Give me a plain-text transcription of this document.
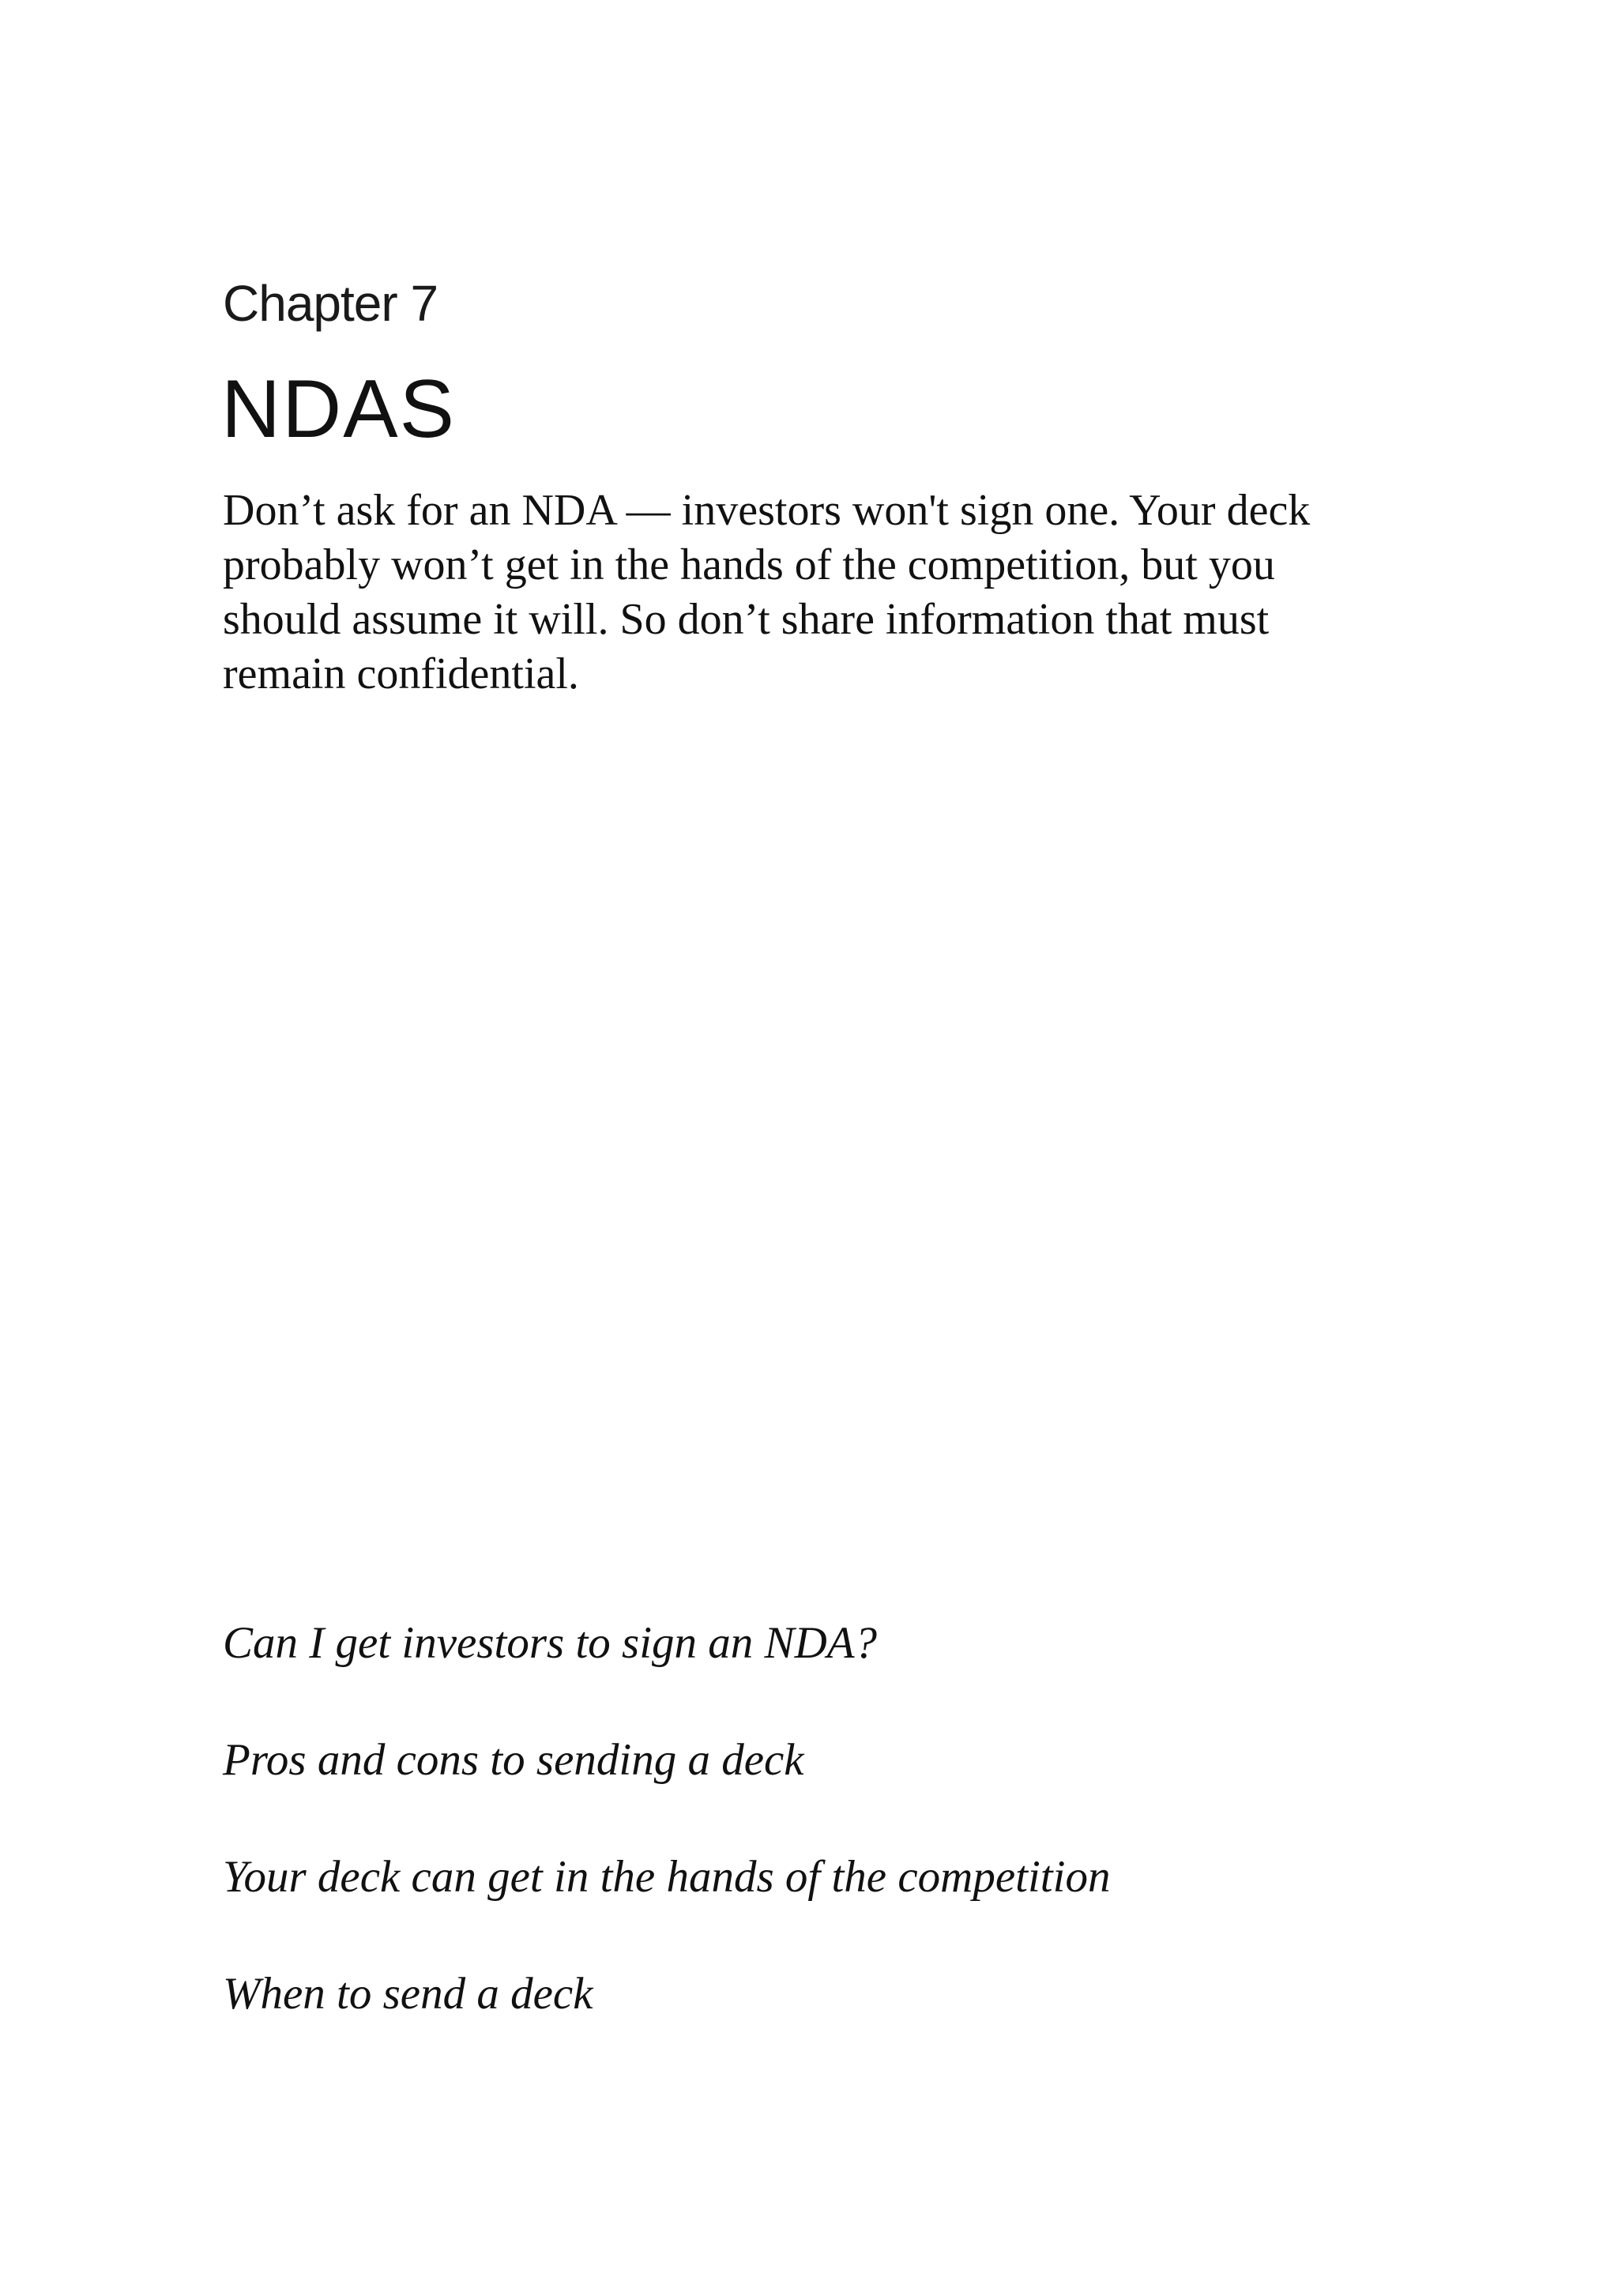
Chapter 7
NDAS
Don’t ask for an NDA — investors won't sign one. Your deck
probably won’t get in the hands of the competition, but you
should assume it will. So don’t share information that must
remain confidential.
Can I get investors to sign an NDA?
Pros and cons to sending a deck
Your deck can get in the hands of the competition
When to send a deck
